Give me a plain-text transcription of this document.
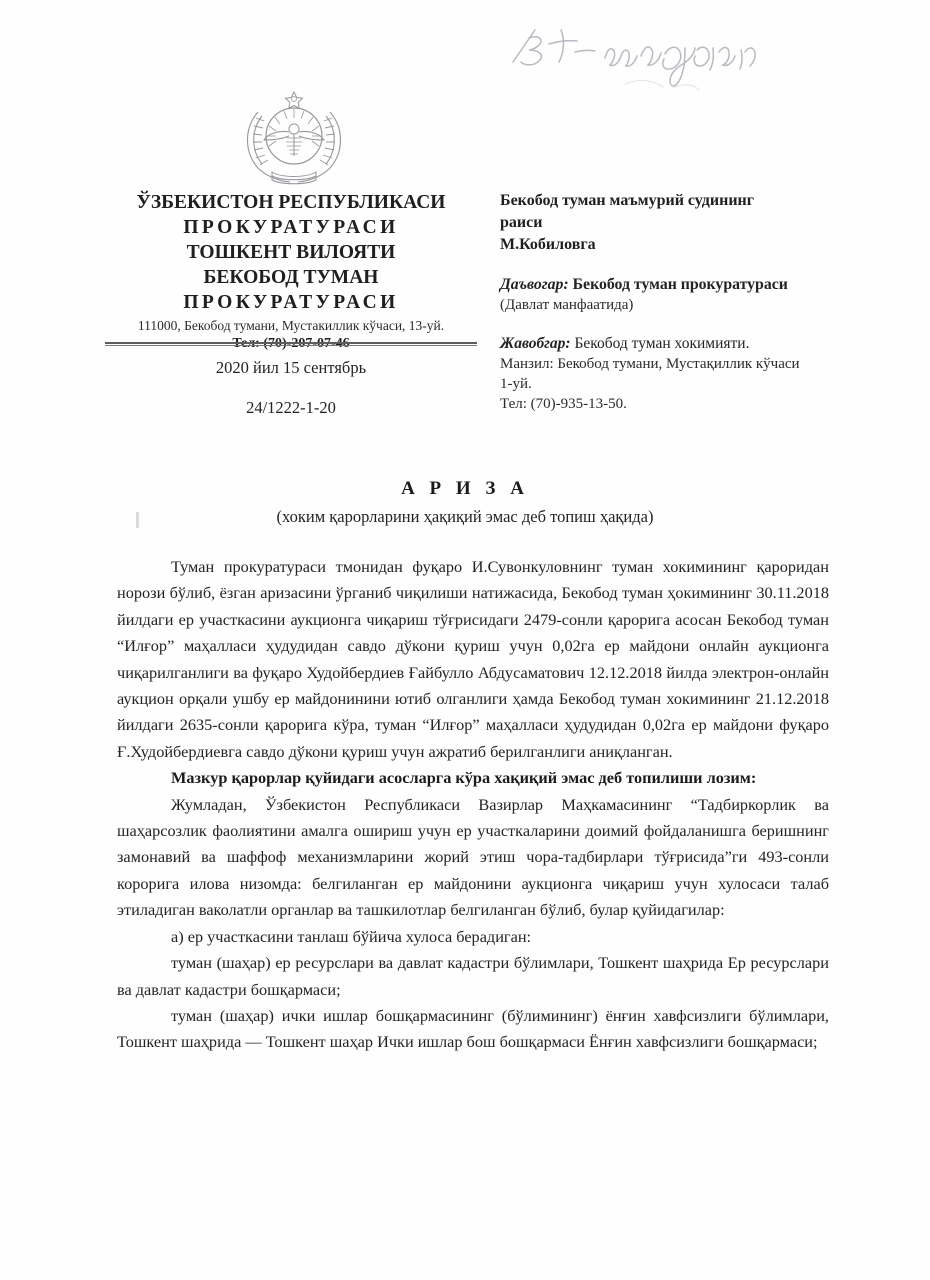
ЎЗБЕКИСТОН РЕСПУБЛИКАСИ
ПРОКУРАТУРАСИ
ТОШКЕНТ ВИЛОЯТИ
БЕКОБОД ТУМАН
ПРОКУРАТУРАСИ
111000, Бекобод тумани, Мустакиллик кўчаси, 13-уй.
2020 йил 15 сентябрь
24/1222-1-20
Бекобод туман маъмурий судининг
раиси
М.Кобиловга
Даъвогар: Бекобод туман прокуратураси
(Давлат манфаатида)
Жавобгар: Бекобод туман хокимияти.
Манзил: Бекобод тумани, Мустақиллик кўчаси
1-уй.
Тел: (70)-935-13-50.
А Р И З А
(хоким қарорларини ҳақиқий эмас деб топиш ҳақида)

Туман прокуратураси тмонидан фуқаро И.Сувонкуловнинг туман хокимининг қароридан норози бўлиб, ёзган аризасини ўрганиб чиқилиши натижасида, Бекобод туман ҳокимининг 30.11.2018 йилдаги ер участкасини аукционга чиқариш тўғрисидаги 2479-сонли қарорига асосан Бекобод туман “Илғор” маҳалласи ҳудудидан савдо дўкони қуриш учун 0,02га ер майдони онлайн аукционга чиқарилганлиги ва фуқаро Худойбердиев Ғайбулло Абдусаматович 12.12.2018 йилда электрон-онлайн аукцион орқали ушбу ер майдонинини ютиб олганлиги ҳамда Бекобод туман хокимининг 21.12.2018 йилдаги 2635-сонли қарорига кўра, туман “Илғор” маҳалласи ҳудудидан 0,02га ер майдони фуқаро Ғ.Худойбердиевга савдо дўкони қуриш учун ажратиб берилганлиги аниқланган.

Мазкур қарорлар қуйидаги асосларга кўра хақиқий эмас деб топилиши лозим:

Жумладан, Ўзбекистон Республикаси Вазирлар Маҳкамасининг “Тадбиркорлик ва шаҳарсозлик фаолиятини амалга ошириш учун ер участкаларини доимий фойдаланишга беришнинг замонавий ва шаффоф механизмларини жорий этиш чора-тадбирлари тўғрисида”ги 493-сонли корорига илова низомда: белгиланган ер майдонини аукционга чиқариш учун хулосаси талаб этиладиган ваколатли органлар ва ташкилотлар белгиланган бўлиб, булар қуйидагилар:

а) ер участкасини танлаш бўйича хулоса берадиган:

туман (шаҳар) ер ресурслари ва давлат кадастри бўлимлари, Тошкент шаҳрида Ер ресурслари ва давлат кадастри бошқармаси;

туман (шаҳар) ички ишлар бошқармасининг (бўлимининг) ёнғин хавфсизлиги бўлимлари, Тошкент шаҳрида — Тошкент шаҳар Ички ишлар бош бошқармаси Ёнғин хавфсизлиги бошқармаси;
